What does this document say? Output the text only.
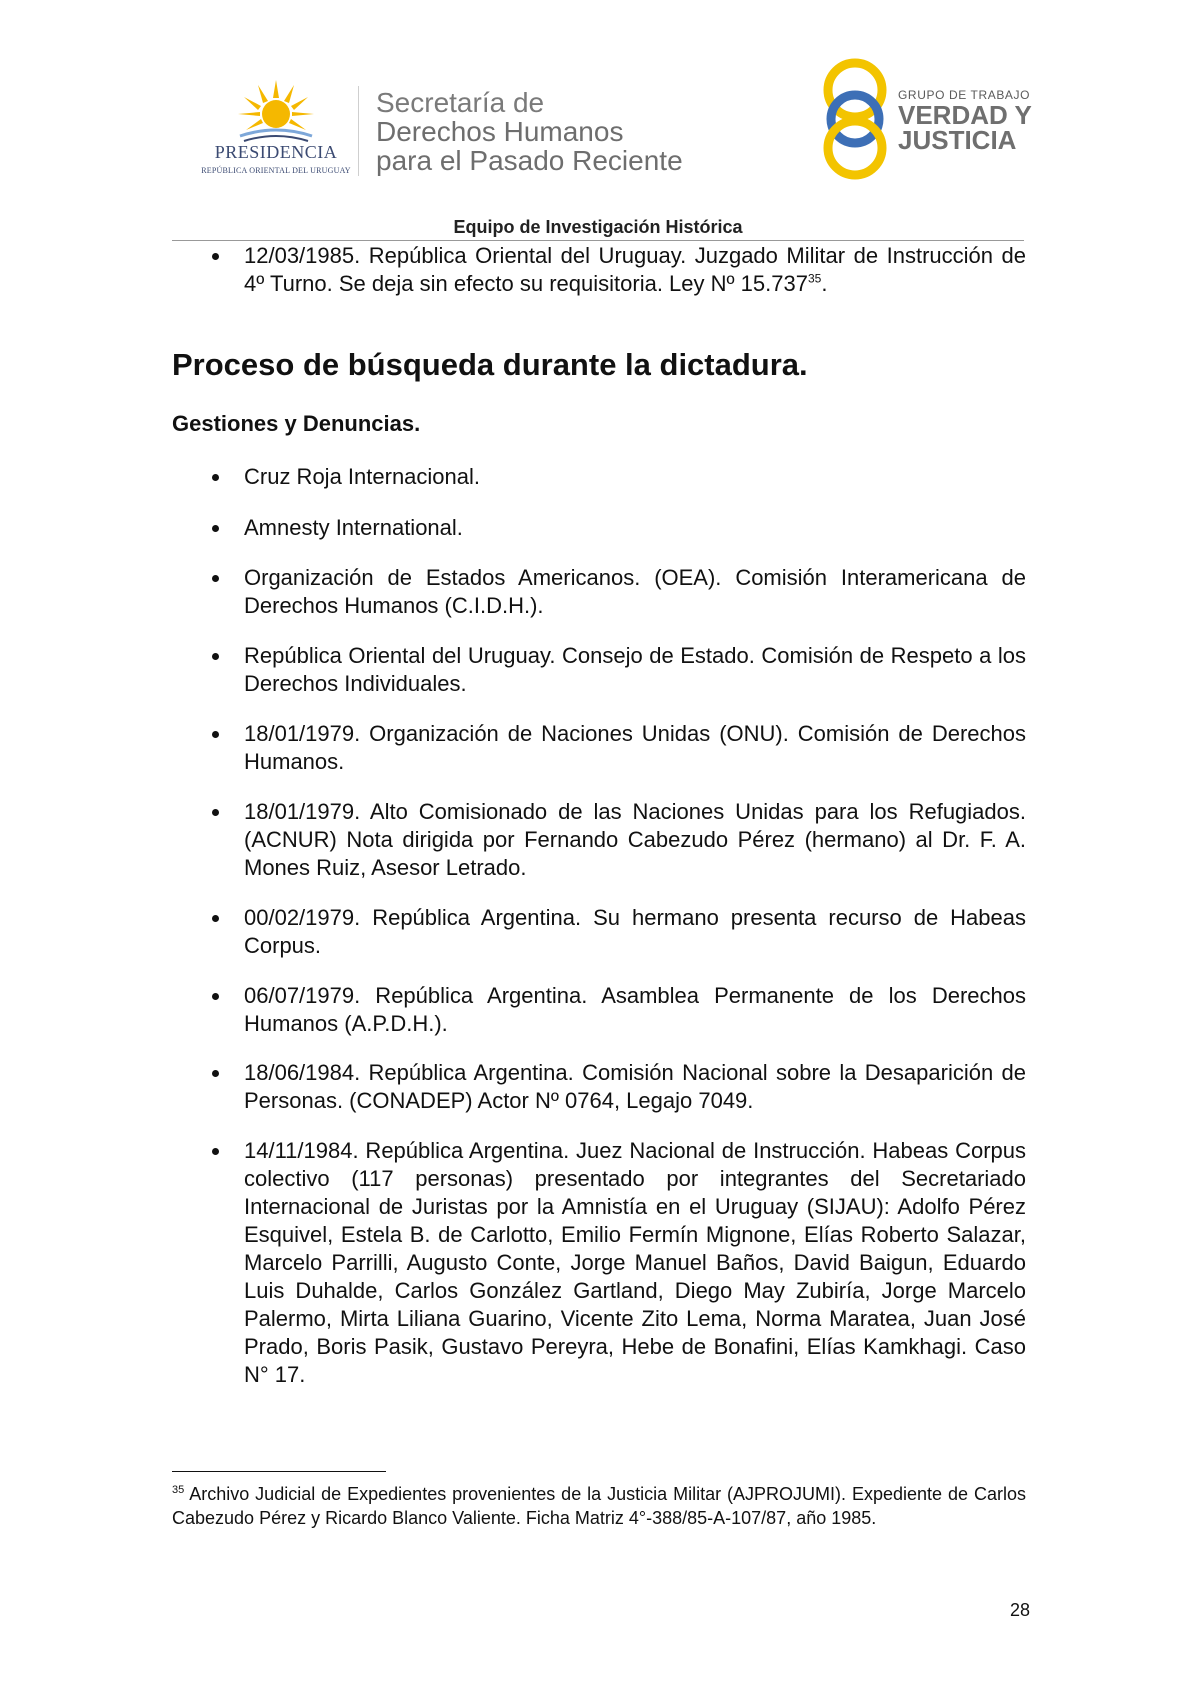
PRESIDENCIA
REPÚBLICA ORIENTAL DEL URUGUAY
Secretaría de
Derechos Humanos
para el Pasado Reciente
GRUPO DE TRABAJO
VERDAD Y
JUSTICIA
Equipo de Investigación Histórica
12/03/1985. República Oriental del Uruguay. Juzgado Militar de Instrucción de 4º Turno. Se deja sin efecto su requisitoria. Ley Nº 15.737$^{35}$.
Proceso de búsqueda durante la dictadura.
Gestiones y Denuncias.
Cruz Roja Internacional.
Amnesty International.
Organización de Estados Americanos. (OEA). Comisión Interamericana de Derechos Humanos (C.I.D.H.).
República Oriental del Uruguay. Consejo de Estado. Comisión de Respeto a los Derechos Individuales.
18/01/1979. Organización de Naciones Unidas (ONU). Comisión de Derechos Humanos.
18/01/1979. Alto Comisionado de las Naciones Unidas para los Refugiados. (ACNUR) Nota dirigida por Fernando Cabezudo Pérez (hermano) al Dr. F. A. Mones Ruiz, Asesor Letrado.
00/02/1979. República Argentina. Su hermano presenta recurso de Habeas Corpus.
06/07/1979. República Argentina. Asamblea Permanente de los Derechos Humanos (A.P.D.H.).
18/06/1984. República Argentina. Comisión Nacional sobre la Desaparición de Personas. (CONADEP) Actor Nº 0764, Legajo 7049.
14/11/1984. República Argentina. Juez Nacional de Instrucción. Habeas Corpus colectivo (117 personas) presentado por integrantes del Secretariado Internacional de Juristas por la Amnistía en el Uruguay (SIJAU): Adolfo Pérez Esquivel, Estela B. de Carlotto, Emilio Fermín Mignone, Elías Roberto Salazar, Marcelo Parrilli, Augusto Conte, Jorge Manuel Baños, David Baigun, Eduardo Luis Duhalde, Carlos González Gartland, Diego May Zubiría, Jorge Marcelo Palermo, Mirta Liliana Guarino, Vicente Zito Lema, Norma Maratea, Juan José Prado, Boris Pasik, Gustavo Pereyra, Hebe de Bonafini, Elías Kamkhagi. Caso N° 17.
$^{35}$ Archivo Judicial de Expedientes provenientes de la Justicia Militar (AJPROJUMI). Expediente de Carlos Cabezudo Pérez y Ricardo Blanco Valiente. Ficha Matriz 4°-388/85-A-107/87, año 1985.
28
